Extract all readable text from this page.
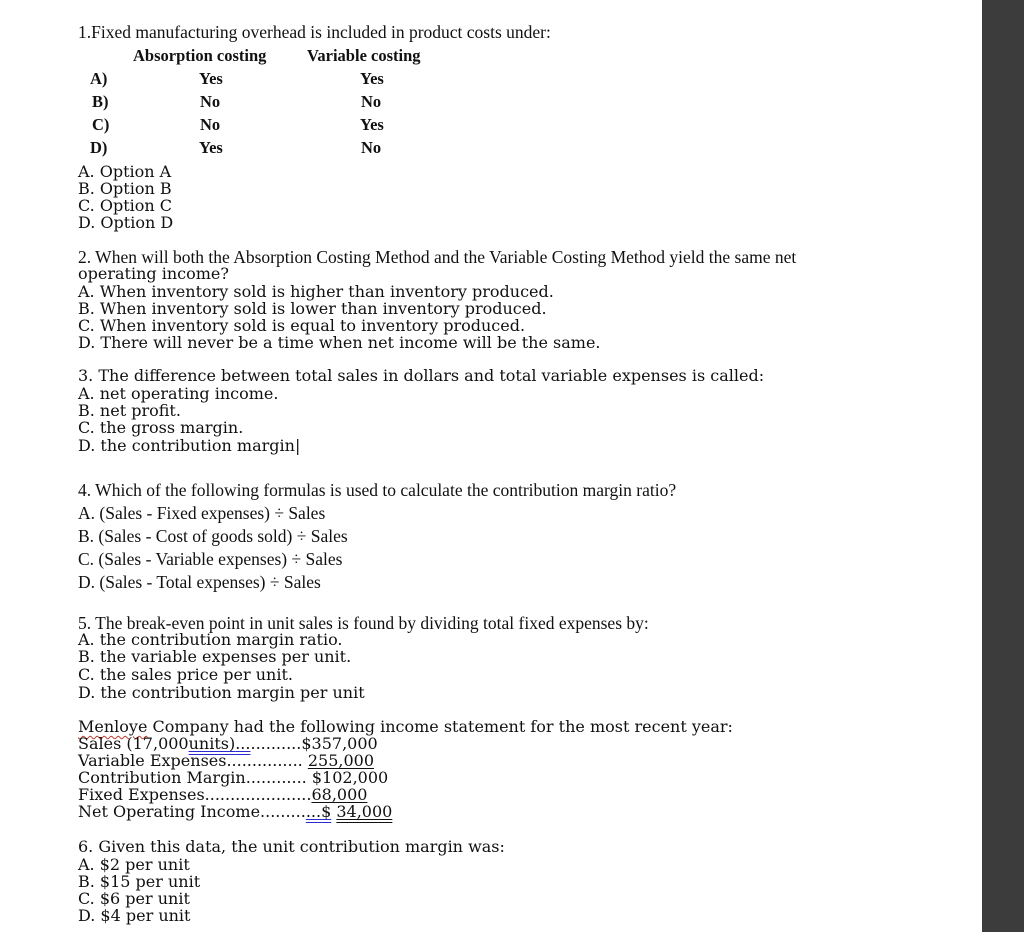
1.Fixed manufacturing overhead is included in product costs under:
Absorption costing Variable costing
A)	Yes	Yes
B)	No	No
C)	No	Yes
D)	Yes	No
A. Option A
B. Option B
C. Option C
D. Option D
2. When will both the Absorption Costing Method and the Variable Costing Method yield the same net
operating income?
A. When inventory sold is higher than inventory produced.
B. When inventory sold is lower than inventory produced.
C. When inventory sold is equal to inventory produced.
D. There will never be a time when net income will be the same.
3. The difference between total sales in dollars and total variable expenses is called:
A. net operating income.
B. net profit.
C. the gross margin.
D. the contribution margin|
4. Which of the following formulas is used to calculate the contribution margin ratio?
A. (Sales - Fixed expenses) ÷ Sales
B. (Sales - Cost of goods sold) ÷ Sales
C. (Sales - Variable expenses) ÷ Sales
D. (Sales - Total expenses) ÷ Sales
5. The break-even point in unit sales is found by dividing total fixed expenses by:
A. the contribution margin ratio.
B. the variable expenses per unit.
C. the sales price per unit.
D. the contribution margin per unit
Menloye Company had the following income statement for the most recent year:
Sales (17,000units).............$357,000
Variable Expenses............... 255,000
Contribution Margin............ $102,000
Fixed Expenses.....................68,000
Net Operating Income............$ 34,000
6. Given this data, the unit contribution margin was:
A. $2 per unit
B. $15 per unit
C. $6 per unit
D. $4 per unit
